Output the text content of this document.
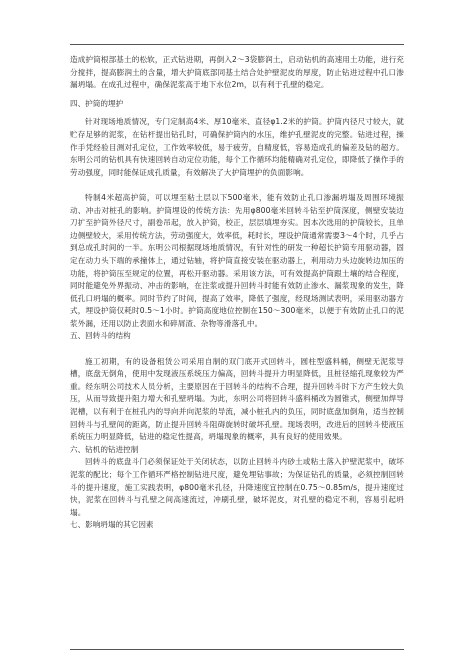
造成护筒根部基土的松软，正式钻进期，再倒入2～3袋膨润土，启动钻机的高速用土功能，进行充分搅拌，提高膨润土的含量，增大护筒底部同基土结合处护壁泥皮的厚度，防止钻进过程中孔口渗漏坍塌。在成孔过程中，确保泥浆高于地下水位2m，以有利于孔壁的稳定。

四、护筒的埋护

针对现场地质情况，专门定制高4米、厚10毫米、直径φ1.2米的护筒。护筒内径尺寸较大，就贮存足够的泥浆，在钻杆提出钻孔时，可确保护筒内的水压，维护孔壁泥皮的完整。钻进过程，操作手凭经验目测对孔定位，工作效率较低，易于疲劳，自精度低，容易造成孔的偏差及钻的超方。东明公司的钻机具有快速回转自动定位功能，每个工作循环均能精确对孔定位，即降低了操作手的劳动强度，同时能保证成孔质量，有效解决了大护筒埋护的负面影响。

特制4米超高护筒，可以埋至粘土层以下500毫米，能有效防止孔口渗漏坍塌及周围环境振动、冲击对桩孔的影响。护筒埋设的传统方法：先用φ800毫米回转斗钻至护筒深度，侧壁安装边刀扩至护筒外径尺寸，副卷吊起，放入护筒，校正，层层填埋夯实。因本次选用的护筒较长，且单边侧壁较大，采用传统方法，劳动强度大，效率低，耗时长，埋设护筒通常需要3～4个时，几乎占到总成孔时间的一半。东明公司根据现场地质情况，有针对性的研发一种超长护筒专用驱动器，固定在动力头下端的承撞体上，通过钻轴，将护筒直接安装在驱动器上，利用动力头边旋转边加压的功能，将护筒压至规定的位置，再松开驱动器。采用该方法，可有效提高护筒跟土壤的结合程度，同时能避免外界振动、冲击的影响，在注浆或提升回转斗时能有效防止渗水、漏浆现象的发生，降低孔口坍塌的概率。同时节约了时间，提高了效率，降低了强度，经现场测试表明，采用驱动器方式，埋设护筒仅耗时0.5～1小时。护筒高度地位控制在150～300毫米，以便于有效防止孔口的泥浆外漏，还用以防止表面水和碎屑渣、杂物等滑落孔中。

五、回转斗的结构

施工初期，有的设备租赁公司采用自制的双门底开式回转斗，圆柱型盛料桶，侧壁无泥浆导槽，底盘无倒角，使用中发现液压系统压力偏高，回转斗提升力明显降低，且桩径缩孔现象较为严重。经东明公司技术人员分析，主要原因在于回转斗的结构不合理，提升回转斗时下方产生较大负压，从而导致提升阻力增大和孔壁坍塌。为此，东明公司将回转斗盛料桶改为圆锥式，侧壁加焊导泥槽，以有利于在桩孔内的导向并向泥浆的导流，减小桩孔内的负压，同时底盘加倒角，适当控制回转斗与孔壁间的距离，防止提升回转斗阻碍旋转时破坏孔壁。现场表明，改进后的回转斗使液压系统压力明显降低，钻进的稳定性提高，坍塌现象的概率，具有良好的使用效果。

六、钻机的钻进控制

回转斗的底盘斗门必须保证处于关闭状态，以防止回转斗内砂土或粘土落入护壁泥浆中，破坏泥浆的配比；每个工作循环严格控制钻进尺度，避免埋钻事故；为保证钻孔的质量，必须控制回转斗的提升速度，施工实践表明，φ800毫米孔径，升降速度宜控制在0.75～0.85m/s，提升速度过快，泥浆在回转斗与孔壁之间高速流过，冲刷孔壁，破坏泥皮，对孔壁的稳定不利，容易引起坍塌。

七、影响坍塌的其它因素
